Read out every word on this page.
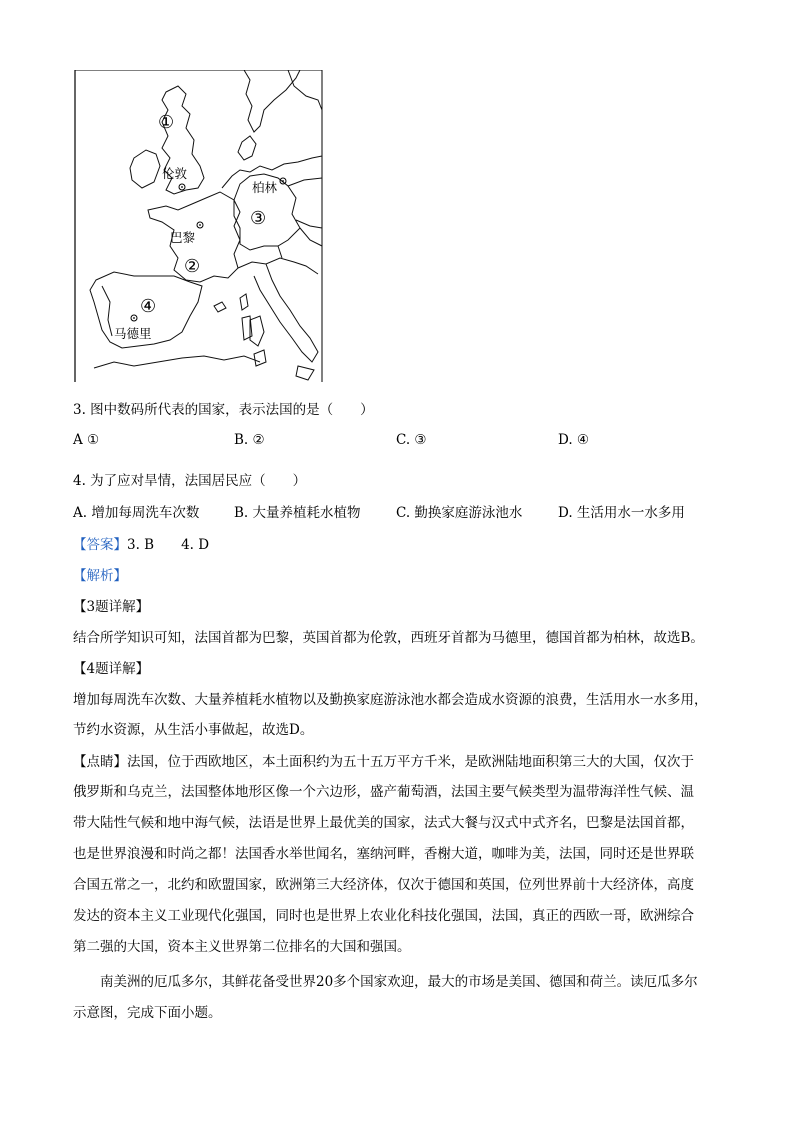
伦敦
柏林
巴黎
马德里
①
②
③
④
3. 图中数码所代表的国家，表示法国的是（　　）
A ①	B. ②	C. ③	D. ④
4. 为了应对旱情，法国居民应（　　）
A. 增加每周洗车次数	B. 大量养植耗水植物	C. 勤换家庭游泳池水	D. 生活用水一水多用
【答案】3. B　　4. D
【解析】
【3题详解】
结合所学知识可知，法国首都为巴黎，英国首都为伦敦，西班牙首都为马德里，德国首都为柏林，故选B。
【4题详解】
增加每周洗车次数、大量养植耗水植物以及勤换家庭游泳池水都会造成水资源的浪费，生活用水一水多用，
节约水资源，从生活小事做起，故选D。
【点睛】法国，位于西欧地区，本土面积约为五十五万平方千米，是欧洲陆地面积第三大的大国，仅次于
俄罗斯和乌克兰，法国整体地形区像一个六边形，盛产葡萄酒，法国主要气候类型为温带海洋性气候、温
带大陆性气候和地中海气候，法语是世界上最优美的国家，法式大餐与汉式中式齐名，巴黎是法国首都，
也是世界浪漫和时尚之都！法国香水举世闻名，塞纳河畔，香榭大道，咖啡为美，法国，同时还是世界联
合国五常之一，北约和欧盟国家，欧洲第三大经济体，仅次于德国和英国，位列世界前十大经济体，高度
发达的资本主义工业现代化强国，同时也是世界上农业化科技化强国，法国，真正的西欧一哥，欧洲综合
第二强的大国，资本主义世界第二位排名的大国和强国。
南美洲的厄瓜多尔，其鲜花备受世界20多个国家欢迎，最大的市场是美国、德国和荷兰。读厄瓜多尔
示意图，完成下面小题。
